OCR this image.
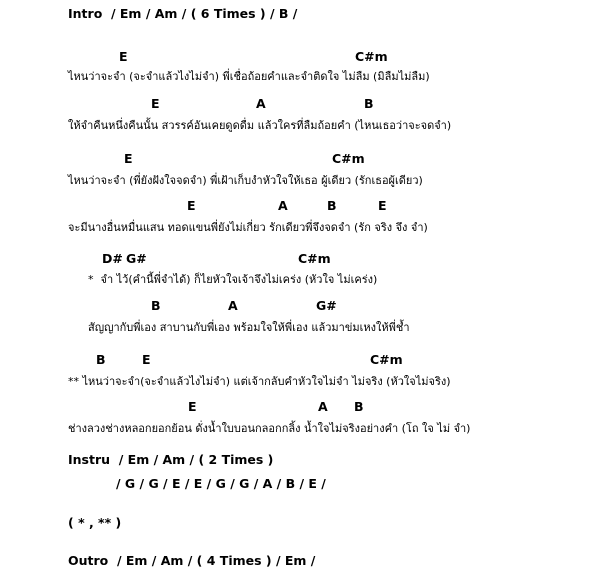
Intro  / Em / Am / ( 6 Times ) / B /
E	C#m
ไหนว่าจะจำ (จะจำแล้วไงไม่จำ) พี่เชื่อถ้อยคำและจำติดใจ ไม่ลืม (มิลืมไม่ลืม)
E	A	B
ให้จำคืนหนึ่งคืนนั้น สวรรค์อันเคยดูดดื่ม แล้วใครที่ลืมถ้อยคำ (ไหนเธอว่าจะจดจำ)
E	C#m
ไหนว่าจะจำ (พี่ยังฝังใจจดจำ) พี่เฝ้าเก็บงำหัวใจให้เธอ ผู้เดียว (รักเธอผู้เดียว)
E	A	B	E
จะมีนางอื่นหมื่นแสน ทอดแขนพี่ยังไม่เกี่ยว รักเดียวพี่จึงจดจำ (รัก จริง จึง จำ)
D# G#	C#m
*  จำ ไว้(คำนี้พี่จำได้) ก็ไยหัวใจเจ้าจึงไม่เคร่ง (หัวใจ ไม่เคร่ง)
B	A	G#
สัญญากับพี่เอง สาบานกับพี่เอง พร้อมใจให้พี่เอง แล้วมาข่มเหงให้พี่ช้ำ
B	E	C#m
** ไหนว่าจะจำ(จะจำแล้วไงไม่จำ) แต่เจ้ากลับคำหัวใจไม่จำ ไม่จริง (หัวใจไม่จริง)
E	A B
ช่างลวงช่างหลอกยอกย้อน ดั่งน้ำใบบอนกลอกกลิ้ง น้ำใจไม่จริงอย่างคำ (โถ ใจ ไม่ จำ)
Instru  / Em / Am / ( 2 Times )
/ G / G / E / E / G / G / A / B / E /
( * , ** )
Outro  / Em / Am / ( 4 Times ) / Em /
